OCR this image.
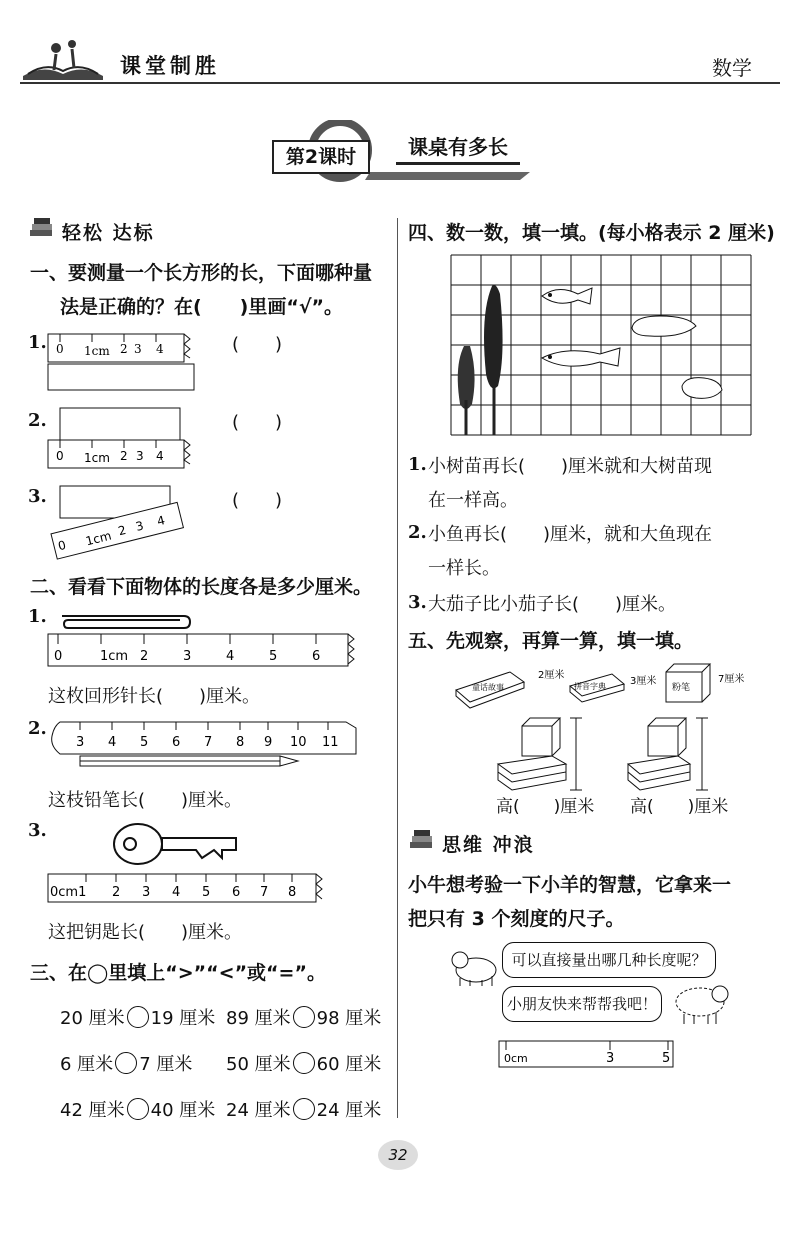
课堂制胜	数学
第2课时	课桌有多长
轻松 达标
一、要测量一个长方形的长，下面哪种量
法是正确的？在(　　)里画“√”。
1. 0 1cm 2 3 4	(　　)
2.
0 1cm 2 3 4
(　　)
3.
0 1cm 2 3 4
(　　)
二、看看下面物体的长度各是多少厘米。
1.
0	1cm 2	3	4	5	6
这枚回形针长(　　)厘米。
2.
3 4 5 6 7 8 9 10 11
这枝铅笔长(　　)厘米。
3.
0cm1 2 3 4 5 6 7 8
这把钥匙长(　　)厘米。
三、在◯里填上“>”“<”或“=”。
20 厘米 19 厘米 89 厘米 98 厘米
6 厘米 7 厘米 50 厘米 60 厘米
42 厘米 40 厘米 24 厘米 24 厘米
四、数一数，填一填。(每小格表示 2 厘米)
1. 小树苗再长(　　)厘米就和大树苗现
在一样高。
2. 小鱼再长(　　)厘米，就和大鱼现在
一样长。
3. 大茄子比小茄子长(　　)厘米。
五、先观察，再算一算，填一填。
童话故事
2厘米
拼音字典 3厘米
粉笔
7厘米
高(　　)厘米 高(　　)厘米
思维 冲浪
小牛想考验一下小羊的智慧，它拿来一
把只有 3 个刻度的尺子。
可以直接量出哪几种长度呢？
小朋友快来帮帮我吧！
0cm	3	5
32
